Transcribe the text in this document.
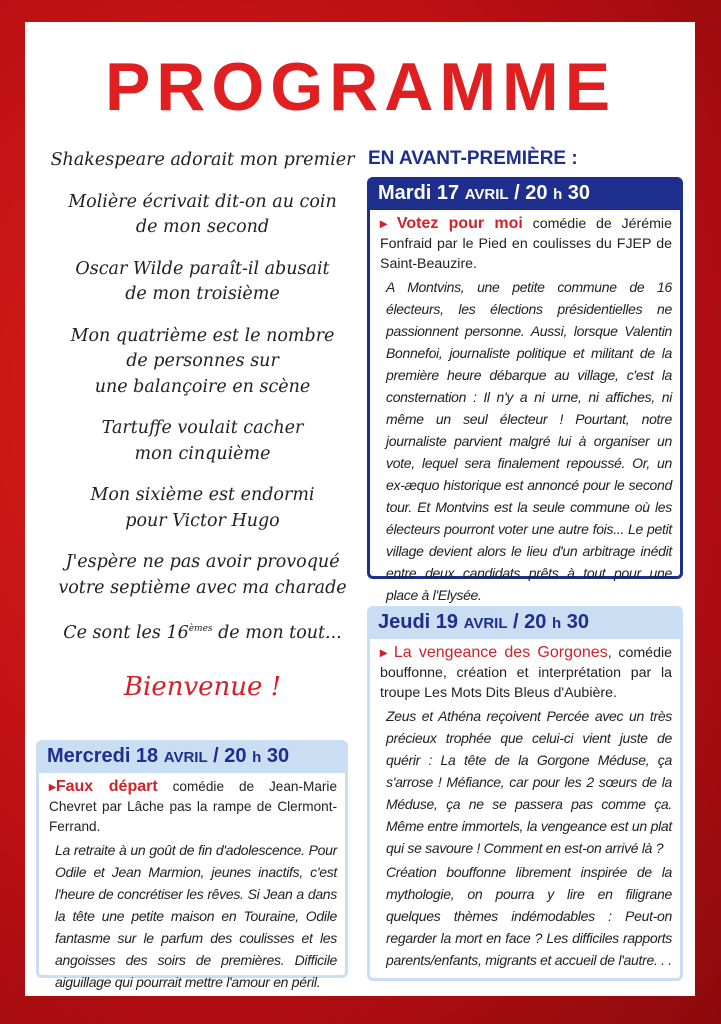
PROGRAMME

Shakespeare adorait mon premier

Molière écrivait dit-on au coin
de mon second

Oscar Wilde paraît-il abusait
de mon troisième

Mon quatrième est le nombre
de personnes sur
une balançoire en scène

Tartuffe voulait cacher
mon cinquième

Mon sixième est endormi
pour Victor Hugo

J'espère ne pas avoir provoqué
votre septième avec ma charade

Ce sont les 16èmes de mon tout...

Bienvenue !
EN AVANT-PREMIÈRE :
Mardi 17 AVRIL / 20 h 30
▸ Votez pour moi comédie de Jérémie Fonfraid par le Pied en coulisses du FJEP de Saint-Beauzire.
A Montvins, une petite commune de 16 électeurs, les élections présidentielles ne passionnent personne. Aussi, lorsque Valentin Bonnefoi, journaliste politique et militant de la première heure débarque au village, c'est la consternation : Il n'y a ni urne, ni affiches, ni même un seul électeur ! Pourtant, notre journaliste parvient malgré lui à organiser un vote, lequel sera finalement repoussé. Or, un ex-æquo historique est annoncé pour le second tour. Et Montvins est la seule commune où les électeurs pourront voter une autre fois... Le petit village devient alors le lieu d'un arbitrage inédit entre deux candidats prêts à tout pour une place à l'Elysée.
Jeudi 19 AVRIL / 20 h 30
▸ La vengeance des Gorgones, comédie bouffonne, création et interprétation par la troupe Les Mots Dits Bleus d'Aubière.
Zeus et Athéna reçoivent Percée avec un très précieux trophée que celui-ci vient juste de quérir : La tête de la Gorgone Méduse, ça s'arrose ! Méfiance, car pour les 2 sœurs de la Méduse, ça ne se passera pas comme ça. Même entre immortels, la vengeance est un plat qui se savoure ! Comment en est-on arrivé là ?
Création bouffonne librement inspirée de la mythologie, on pourra y lire en filigrane quelques thèmes indémodables : Peut-on regarder la mort en face ? Les difficiles rapports parents/enfants, migrants et accueil de l'autre. . .
Mercredi 18 AVRIL / 20 h 30
▸Faux départ comédie de Jean-Marie Chevret par Lâche pas la rampe de Clermont-Ferrand.
La retraite à un goût de fin d'adolescence. Pour Odile et Jean Marmion, jeunes inactifs, c'est l'heure de concrétiser les rêves. Si Jean a dans la tête une petite maison en Touraine, Odile fantasme sur le parfum des coulisses et les angoisses des soirs de premières. Difficile aiguillage qui pourrait mettre l'amour en péril.
